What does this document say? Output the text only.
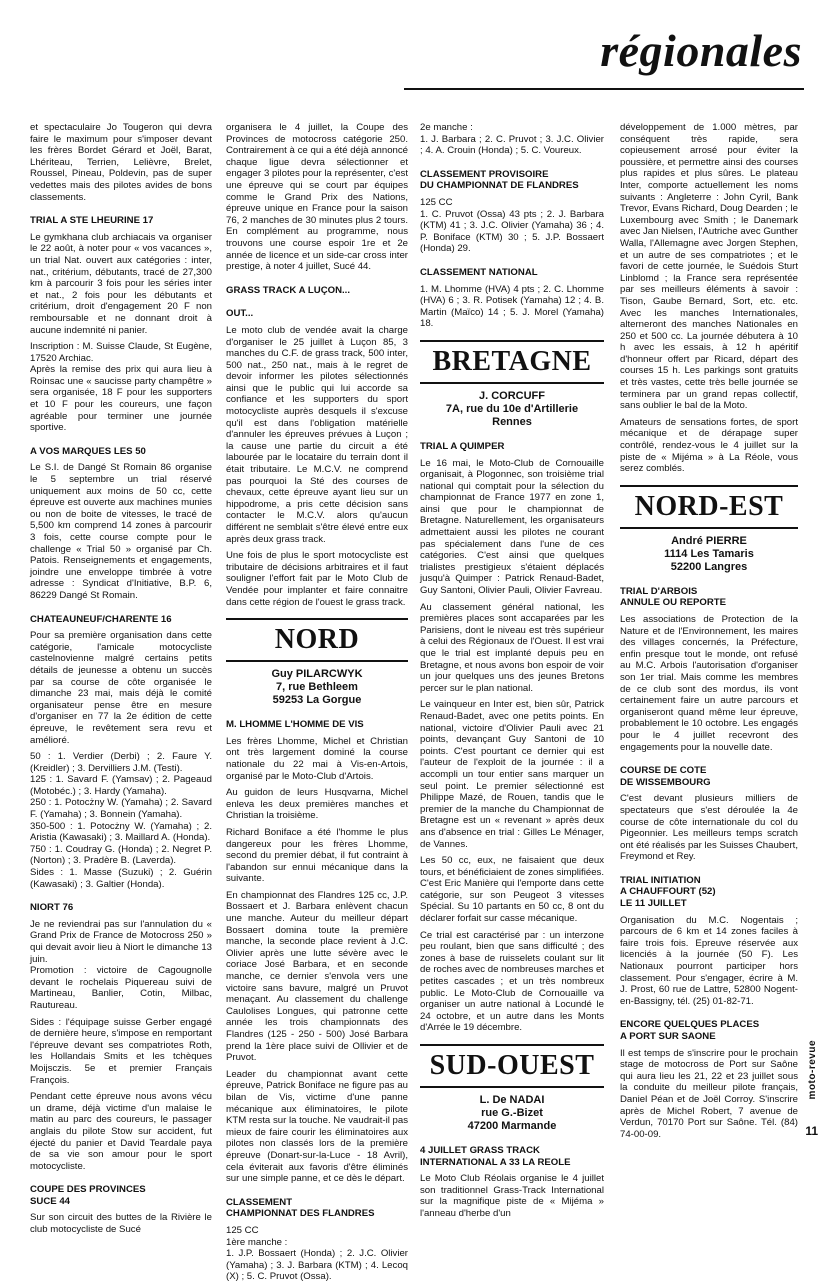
régionales
et spectaculaire Jo Tougeron qui devra faire le maximum pour s'imposer devant les frères Bordet Gérard et Joël, Barat, Lhériteau, Terrien, Lelièvre, Brelet, Roussel, Pineau, Poldevin, pas de super vedettes mais des pilotes avides de bons classements.
TRIAL A STE LHEURINE 17
Le gymkhana club archiacais va organiser le 22 août, à noter pour « vos vacances », un trial Nat. ouvert aux catégories : inter, nat., critérium, débutants, tracé de 27,300 km à parcourir 3 fois pour les séries inter et nat., 2 fois pour les débutants et critérium, droit d'engagement 20 F non remboursable et ne donnant droit à aucune indemnité ni panier.
Inscription : M. Suisse Claude, St Eugène, 17520 Archiac.
Après la remise des prix qui aura lieu à Roinsac une « saucisse party champêtre » sera organisée, 18 F pour les supporters et 10 F pour les coureurs, une façon agréable pour terminer une journée sportive.
A VOS MARQUES LES 50
Le S.I. de Dangé St Romain 86 organise le 5 septembre un trial réservé uniquement aux moins de 50 cc, cette épreuve est ouverte aux machines munies ou non de boite de vitesses, le tracé de 5,500 km comprend 14 zones à parcourir 3 fois, cette course compte pour le challenge « Trial 50 » organisé par Ch. Patois. Renseignements et engagements, joindre une enveloppe timbrée à votre adresse : Syndicat d'Initiative, B.P. 6, 86229 Dangé St Romain.
CHATEAUNEUF/CHARENTE 16
Pour sa première organisation dans cette catégorie, l'amicale motocycliste castelnovienne malgré certains petits détails de jeunesse a obtenu un succès par sa course de côte organisée le dimanche 23 mai, mais déjà le comité organisateur pense être en mesure d'organiser en 77 la 2e édition de cette épreuve, le revêtement sera revu et amélioré.
50 : 1. Verdier (Derbi) ; 2. Faure Y. (Kreidler) ; 3. Dervilliers J.M. (Testi).
125 : 1. Savard F. (Yamsav) ; 2. Pageaud (Motobéc.) ; 3. Hardy (Yamaha).
250 : 1. Potocżny W. (Yamaha) ; 2. Savard F. (Yamaha) ; 3. Bonnein (Yamaha).
350-500 : 1. Potocżny W. (Yamaha) ; 2. Aristia (Kawasaki) ; 3. Maillard A. (Honda).
750 : 1. Coudray G. (Honda) ; 2. Negret P. (Norton) ; 3. Pradère B. (Laverda).
Sides : 1. Masse (Suzuki) ; 2. Guérin (Kawasaki) ; 3. Galtier (Honda).
NIORT 76
Je ne reviendrai pas sur l'annulation du « Grand Prix de France de Motocross 250 » qui devait avoir lieu à Niort le dimanche 13 juin.
Promotion : victoire de Cagougnolle devant le rochelais Piquereau suivi de Martineau, Banlier, Cotin, Milbac, Rautureau.
Sides : l'équipage suisse Gerber engagé de dernière heure, s'impose en remportant l'épreuve devant ses compatriotes Roth, les Hollandais Smits et les tchèques Moijsczis. 5e et premier Français François.
Pendant cette épreuve nous avons vécu un drame, déjà victime d'un malaise le matin au parc des coureurs, le passager anglais du pilote Stow sur accident, fut éjecté du panier et David Teardale paya de sa vie son amour pour le sport motocycliste.
COUPE DES PROVINCES
SUCE 44
Sur son circuit des buttes de la Rivière le club motocycliste de Sucé
organisera le 4 juillet, la Coupe des Provinces de motocross catégorie 250. Contrairement à ce qui a été déjà annoncé chaque ligue devra sélectionner et engager 3 pilotes pour la représenter, c'est une épreuve qui se court par équipes comme le Grand Prix des Nations, épreuve unique en France pour la saison 76, 2 manches de 30 minutes plus 2 tours. En complément au programme, nous trouvons une course espoir 1re et 2e année de licence et un side-car cross inter prestige, à noter 4 juillet, Sucé 44.
GRASS TRACK A LUÇON...
OUT...
Le moto club de vendée avait la charge d'organiser le 25 juillet à Luçon 85, 3 manches du C.F. de grass track, 500 inter, 500 nat., 250 nat., mais à le regret de devoir informer les pilotes sélectionnés ainsi que le public qui lui accorde sa confiance et les supporters du sport motocycliste auprès desquels il s'excuse qu'il est dans l'obligation matérielle d'annuler les épreuves prévues à Luçon ; la cause une partie du circuit a été labourée par le locataire du terrain dont il était tributaire. Le M.C.V. ne comprend pas pourquoi la Sté des courses de chevaux, cette épreuve ayant lieu sur un hippodrome, a pris cette décision sans contacter le M.C.V. alors qu'aucun différent ne semblait s'être élevé entre eux après deux grass track.
Une fois de plus le sport motocycliste est tributaire de décisions arbitraires et il faut souligner l'effort fait par le Moto Club de Vendée pour implanter et faire connaitre dans cette région de l'ouest le grass track.
NORD
Guy PILARCWYK
7, rue Bethleem
59253 La Gorgue
M. LHOMME L'HOMME DE VIS
Les frères Lhomme, Michel et Christian ont très largement dominé la course nationale du 22 mai à Vis-en-Artois, organisé par le Moto-Club d'Artois.
Au guidon de leurs Husqvarna, Michel enleva les deux premières manches et Christian la troisième.
Richard Boniface a été l'homme le plus dangereux pour les frères Lhomme, second du premier débat, il fut contraint à l'abandon sur ennui mécanique dans la suivante.
En championnat des Flandres 125 cc, J.P. Bossaert et J. Barbara enlèvent chacun une manche. Auteur du meilleur départ Bossaert domina toute la première manche, la seconde place revient à J.C. Olivier après une lutte sévère avec le coriace José Barbara, et en seconde manche, ce dernier s'envola vers une victoire sans bavure, malgré un Pruvot menaçant. Au classement du challenge Caulolises Longues, qui patronne cette année les trois championnats des Flandres (125 - 250 - 500) José Barbara prend la 1ère place suivi de Ollivier et de Pruvot.
Leader du championnat avant cette épreuve, Patrick Boniface ne figure pas au bilan de Vis, victime d'une panne mécanique aux éliminatoires, le pilote KTM resta sur la touche. Ne vaudrait-il pas mieux de faire courir les éliminatoires aux pilotes non classés lors de la première épreuve (Donart-sur-la-Luce - 18 Avril), cela éviterait aux favoris d'être éliminés sur une simple panne, et ce dès le départ.
CLASSEMENT
CHAMPIONNAT DES FLANDRES
125 CC
1ère manche :
1. J.P. Bossaert (Honda) ; 2. J.C. Olivier (Yamaha) ; 3. J. Barbara (KTM) ; 4. Lecoq (X) ; 5. C. Pruvot (Ossa).
2e manche :
1. J. Barbara ; 2. C. Pruvot ; 3. J.C. Olivier ; 4. A. Crouin (Honda) ; 5. C. Voureux.
CLASSEMENT PROVISOIRE
DU CHAMPIONNAT DE FLANDRES
125 CC
1. C. Pruvot (Ossa) 43 pts ; 2. J. Barbara (KTM) 41 ; 3. J.C. Olivier (Yamaha) 36 ; 4. P. Boniface (KTM) 30 ; 5. J.P. Bossaert (Honda) 29.
CLASSEMENT NATIONAL
1. M. Lhomme (HVA) 4 pts ; 2. C. Lhomme (HVA) 6 ; 3. R. Potisek (Yamaha) 12 ; 4. B. Martin (Maïco) 14 ; 5. J. Morel (Yamaha) 18.
BRETAGNE
J. CORCUFF
7A, rue du 10e d'Artillerie
Rennes
TRIAL A QUIMPER
Le 16 mai, le Moto-Club de Cornouaille organisait, à Plogonnec, son troisième trial national qui comptait pour la sélection du championnat de France 1977 en zone 1, ainsi que pour le championnat de Bretagne. Naturellement, les organisateurs admettaient aussi les pilotes ne courant pas spécialement dans l'une de ces catégories. C'est ainsi que quelques trialistes prestigieux s'étaient déplacés jusqu'à Quimper : Patrick Renaud-Badet, Guy Santoni, Olivier Pauli, Olivier Favreau.
Au classement général national, les premières places sont accaparées par les Parisiens, dont le niveau est très supérieur à celui des Régionaux de l'Ouest. Il est vrai que le trial est implanté depuis peu en Bretagne, et nous avons bon espoir de voir un jour quelques uns des jeunes Bretons percer sur le plan national.
Le vainqueur en Inter est, bien sûr, Patrick Renaud-Badet, avec one petits points. En national, victoire d'Olivier Pauli avec 21 points, devançant Guy Santoni de 10 points. C'est pourtant ce dernier qui est l'auteur de l'exploit de la journée : il a accompli un tour entier sans marquer un seul point. Le premier sélectionné est Philippe Mazé, de Rouen, tandis que le premier de la manche du Championnat de Bretagne est un « revenant » après deux ans d'absence en trial : Gilles Le Ménager, de Vannes.
Les 50 cc, eux, ne faisaient que deux tours, et bénéficiaient de zones simplifiées. C'est Eric Manière qui l'emporte dans cette catégorie, sur son Peugeot 3 vitesses Spécial. Su 10 partants en 50 cc, 8 ont du déclarer forfait sur casse mécanique.
Ce trial est caractérisé par : un interzone peu roulant, bien que sans difficulté ; des zones à base de ruisselets coulant sur lit de roches avec de nombreuses marches et petites cascades ; et un très nombreux public. Le Moto-Club de Cornouaille va organiser un autre national à Locundé le 24 octobre, et un autre dans les Monts d'Arrée le 19 décembre.
SUD-OUEST
L. De NADAI
rue G.-Bizet
47200 Marmande
4 JUILLET GRASS TRACK
INTERNATIONAL A 33 LA REOLE
Le Moto Club Réolais organise le 4 juillet son traditionnel Grass-Track International sur la magnifique piste de « Mijéma » l'anneau d'herbe d'un
développement de 1.000 mètres, par conséquent très rapide, sera copieusement arrosé pour éviter la poussière, et permettre ainsi des courses plus rapides et plus sûres. Le plateau Inter, comporte actuellement les noms suivants : Angleterre : John Cyril, Bank Trevor, Evans Richard, Doug Dearden ; le Luxembourg avec Smith ; le Danemark avec Jan Nielsen, l'Autriche avec Gunther Walla, l'Allemagne avec Jorgen Stephen, et un autre de ses compatriotes ; et le favori de cette journée, le Suédois Sturt Linblomd ; la France sera représentée par ses meilleurs éléments à savoir : Tison, Gaube Bernard, Sort, etc. etc. Avec les manches Internationales, alterneront des manches Nationales en 250 et 500 cc. La journée débutera à 10 h avec les essais, à 12 h apéritif d'honneur offert par Ricard, départ des courses 15 h. Les parkings sont gratuits et très vastes, cette très belle journée se terminera par un grand repas collectif, sans oublier le bal de la Moto.
Amateurs de sensations fortes, de sport mécanique et de dérapage super contrôlé, rendez-vous le 4 juillet sur la piste de « Mijéma » à La Réole, vous serez comblés.
NORD-EST
André PIERRE
1114 Les Tamaris
52200 Langres
TRIAL D'ARBOIS
ANNULE OU REPORTE
Les associations de Protection de la Nature et de l'Environnement, les maires des villages concernés, la Préfecture, enfin presque tout le monde, ont refusé au M.C. Arbois l'autorisation d'organiser son 1er trial. Mais comme les membres de ce club sont des mordus, ils vont certainement faire un autre parcours et organiseront quand même leur épreuve, probablement le 10 octobre. Les engagés pour le 4 juillet recevront des engagements pour la nouvelle date.
COURSE DE COTE
DE WISSEMBOURG
C'est devant plusieurs milliers de spectateurs que s'est déroulée la 4e course de côte internationale du col du Pigeonnier. Les meilleurs temps scratch ont été réalisés par les Suisses Chaubert, Freymond et Rey.
TRIAL INITIATION
A CHAUFFOURT (52)
LE 11 JUILLET
Organisation du M.C. Nogentais ; parcours de 6 km et 14 zones faciles à faire trois fois. Epreuve réservée aux licenciés à la journée (50 F). Les Nationaux pourront participer hors classement. Pour s'engager, écrire à M. J. Prost, 60 rue de Lattre, 52800 Nogent-en-Bassigny, tél. (25) 01-82-71.
ENCORE QUELQUES PLACES
A PORT SUR SAONE
Il est temps de s'inscrire pour le prochain stage de motocross de Port sur Saône qui aura lieu les 21, 22 et 23 juillet sous la conduite du meilleur pilote français, Daniel Péan et de Joël Corroy. S'inscrire après de Michel Robert, 7 avenue de Verdun, 70170 Port sur Saône. Tél. (84) 74-00-09.
moto-revue
11
